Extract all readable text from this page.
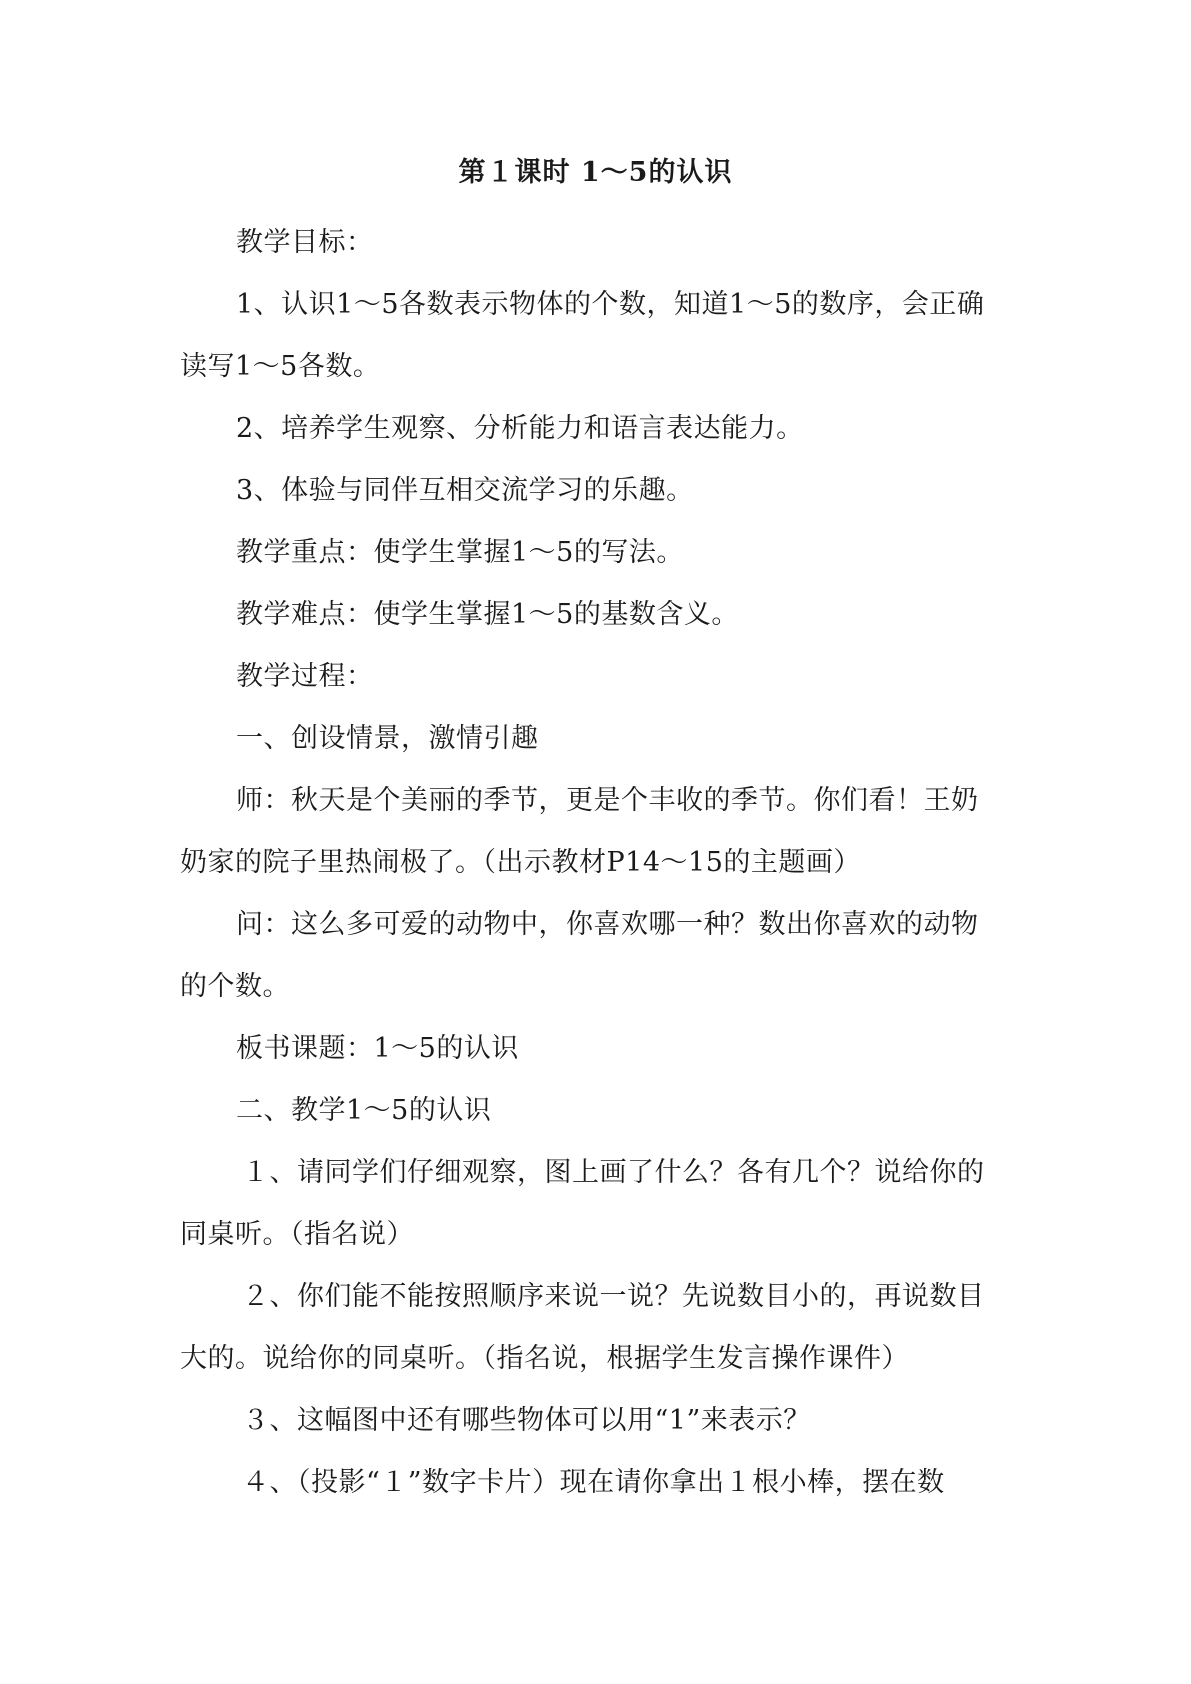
第１课时 1～5的认识

教学目标：

1、认识1～5各数表示物体的个数，知道1～5的数序，会正确
读写1～5各数。

2、培养学生观察、分析能力和语言表达能力。

3、体验与同伴互相交流学习的乐趣。

教学重点：使学生掌握1～5的写法。

教学难点：使学生掌握1～5的基数含义。

教学过程：

一、创设情景，激情引趣

师：秋天是个美丽的季节，更是个丰收的季节。你们看！王奶
奶家的院子里热闹极了。（出示教材P14～15的主题画）

问：这么多可爱的动物中，你喜欢哪一种？数出你喜欢的动物
的个数。

板书课题：1～5的认识

二、教学1～5的认识

１、请同学们仔细观察，图上画了什么？各有几个？说给你的
同桌听。（指名说）

２、你们能不能按照顺序来说一说？先说数目小的，再说数目
大的。说给你的同桌听。（指名说，根据学生发言操作课件）

３、这幅图中还有哪些物体可以用“1”来表示？

４、（投影“１”数字卡片）现在请你拿出１根小棒，摆在数
